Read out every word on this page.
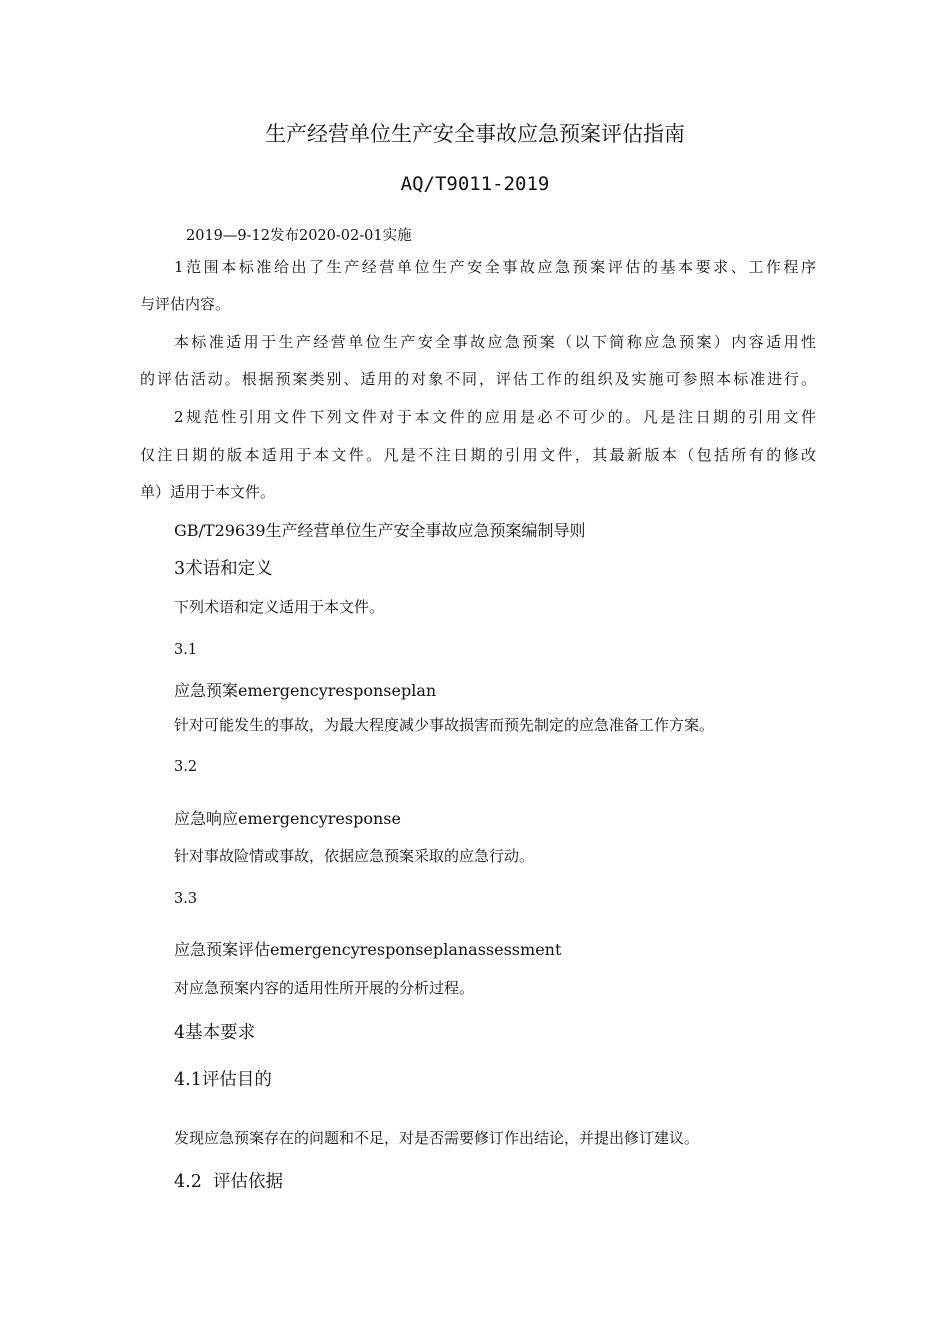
生产经营单位生产安全事故应急预案评估指南
AQ/T9011-2019
2019—9-12发布2020-02-01实施
1范围本标准给出了生产经营单位生产安全事故应急预案评估的基本要求、工作程序
与评估内容。
本标准适用于生产经营单位生产安全事故应急预案（以下简称应急预案）内容适用性
的评估活动。根据预案类别、适用的对象不同，评估工作的组织及实施可参照本标准进行。
2规范性引用文件下列文件对于本文件的应用是必不可少的。凡是注日期的引用文件
仅注日期的版本适用于本文件。凡是不注日期的引用文件，其最新版本（包括所有的修改
单）适用于本文件。
GB/T29639生产经营单位生产安全事故应急预案编制导则
3术语和定义
下列术语和定义适用于本文件。
3.1
应急预案emergencyresponseplan
针对可能发生的事故，为最大程度减少事故损害而预先制定的应急准备工作方案。
3.2
应急响应emergencyresponse
针对事故险情或事故，依据应急预案采取的应急行动。
3.3
应急预案评估emergencyresponseplanassessment
对应急预案内容的适用性所开展的分析过程。
4基本要求
4.1评估目的
发现应急预案存在的问题和不足，对是否需要修订作出结论，并提出修订建议。
4.2  评估依据
